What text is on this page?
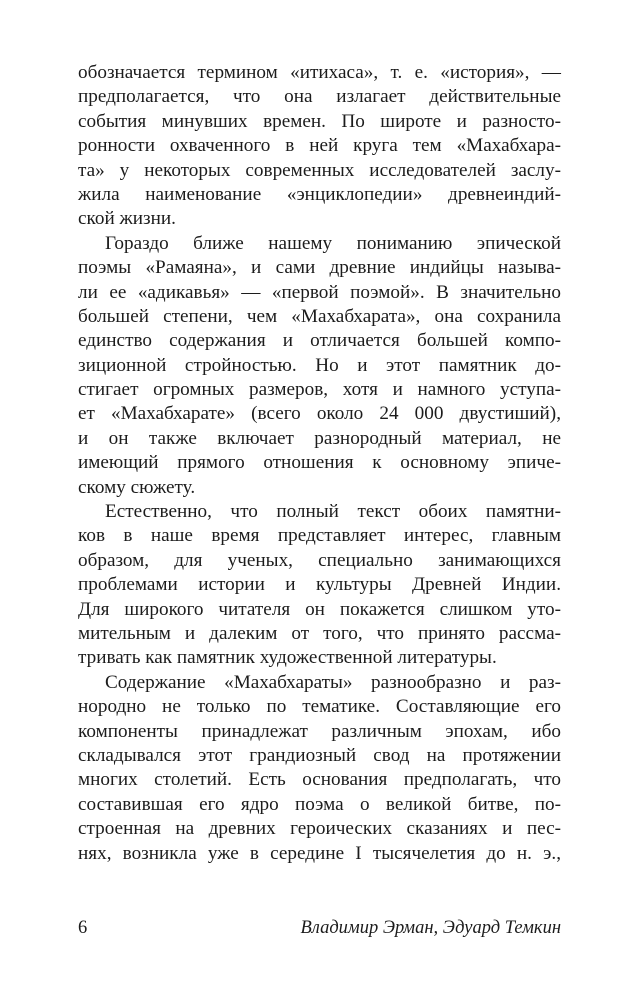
обозначается термином «итихаса», т. е. «история», —
предполагается, что она излагает действительные
события минувших времен. По широте и разносто-
ронности охваченного в ней круга тем «Махабхара-
та» у некоторых современных исследователей заслу-
жила наименование «энциклопедии» древнеиндий-
ской жизни.
Гораздо ближе нашему пониманию эпической
поэмы «Рамаяна», и сами древние индийцы называ-
ли ее «адикавья» — «первой поэмой». В значительно
большей степени, чем «Махабхарата», она сохранила
единство содержания и отличается большей компо-
зиционной стройностью. Но и этот памятник до-
стигает огромных размеров, хотя и намного уступа-
ет «Махабхарате» (всего около 24 000 двустиший),
и он также включает разнородный материал, не
имеющий прямого отношения к основному эпиче-
скому сюжету.
Естественно, что полный текст обоих памятни-
ков в наше время представляет интерес, главным
образом, для ученых, специально занимающихся
проблемами истории и культуры Древней Индии.
Для широкого читателя он покажется слишком уто-
мительным и далеким от того, что принято рассма-
тривать как памятник художественной литературы.
Содержание «Махабхараты» разнообразно и раз-
нородно не только по тематике. Составляющие его
компоненты принадлежат различным эпохам, ибо
складывался этот грандиозный свод на протяжении
многих столетий. Есть основания предполагать, что
составившая его ядро поэма о великой битве, по-
строенная на древних героических сказаниях и пес-
нях, возникла уже в середине I тысячелетия до н. э.,
6	Владимир Эрман, Эдуард Темкин
